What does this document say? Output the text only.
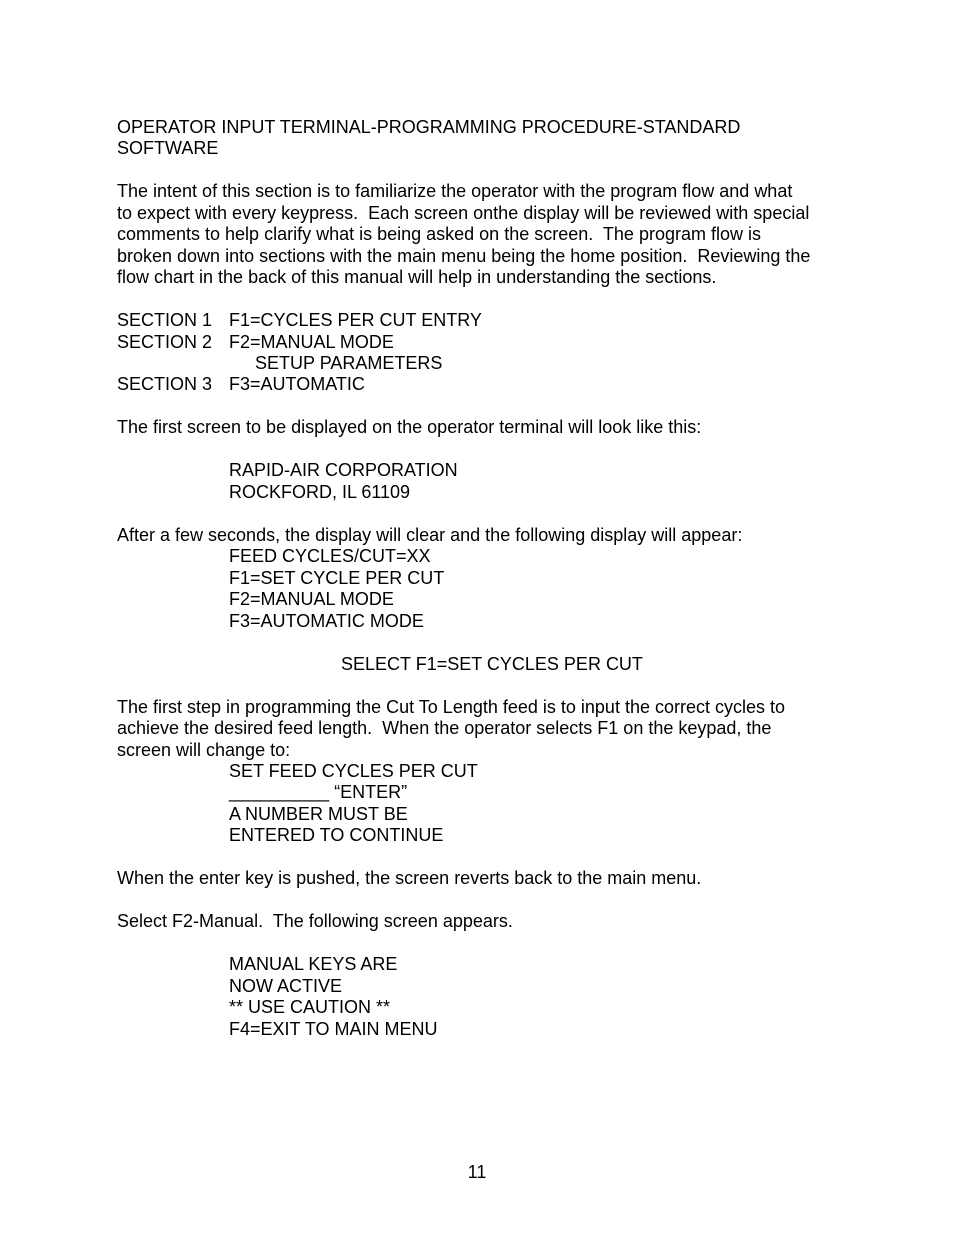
OPERATOR INPUT TERMINAL-PROGRAMMING PROCEDURE-STANDARD
SOFTWARE
The intent of this section is to familiarize the operator with the program flow and what
to expect with every keypress.  Each screen onthe display will be reviewed with special
comments to help clarify what is being asked on the screen.  The program flow is
broken down into sections with the main menu being the home position.  Reviewing the
flow chart in the back of this manual will help in understanding the sections.
SECTION 1 F1=CYCLES PER CUT ENTRY
SECTION 2 F2=MANUAL MODE
SETUP PARAMETERS
SECTION 3 F3=AUTOMATIC
The first screen to be displayed on the operator terminal will look like this:
RAPID-AIR CORPORATION
ROCKFORD, IL 61109
After a few seconds, the display will clear and the following display will appear:
FEED CYCLES/CUT=XX
F1=SET CYCLE PER CUT
F2=MANUAL MODE
F3=AUTOMATIC MODE
SELECT F1=SET CYCLES PER CUT
The first step in programming the Cut To Length feed is to input the correct cycles to
achieve the desired feed length.  When the operator selects F1 on the keypad, the
screen will change to:
SET FEED CYCLES PER CUT
__________ “ENTER”
A NUMBER MUST BE
ENTERED TO CONTINUE
When the enter key is pushed, the screen reverts back to the main menu.
Select F2-Manual.  The following screen appears.
MANUAL KEYS ARE
NOW ACTIVE
** USE CAUTION **
F4=EXIT TO MAIN MENU
11
